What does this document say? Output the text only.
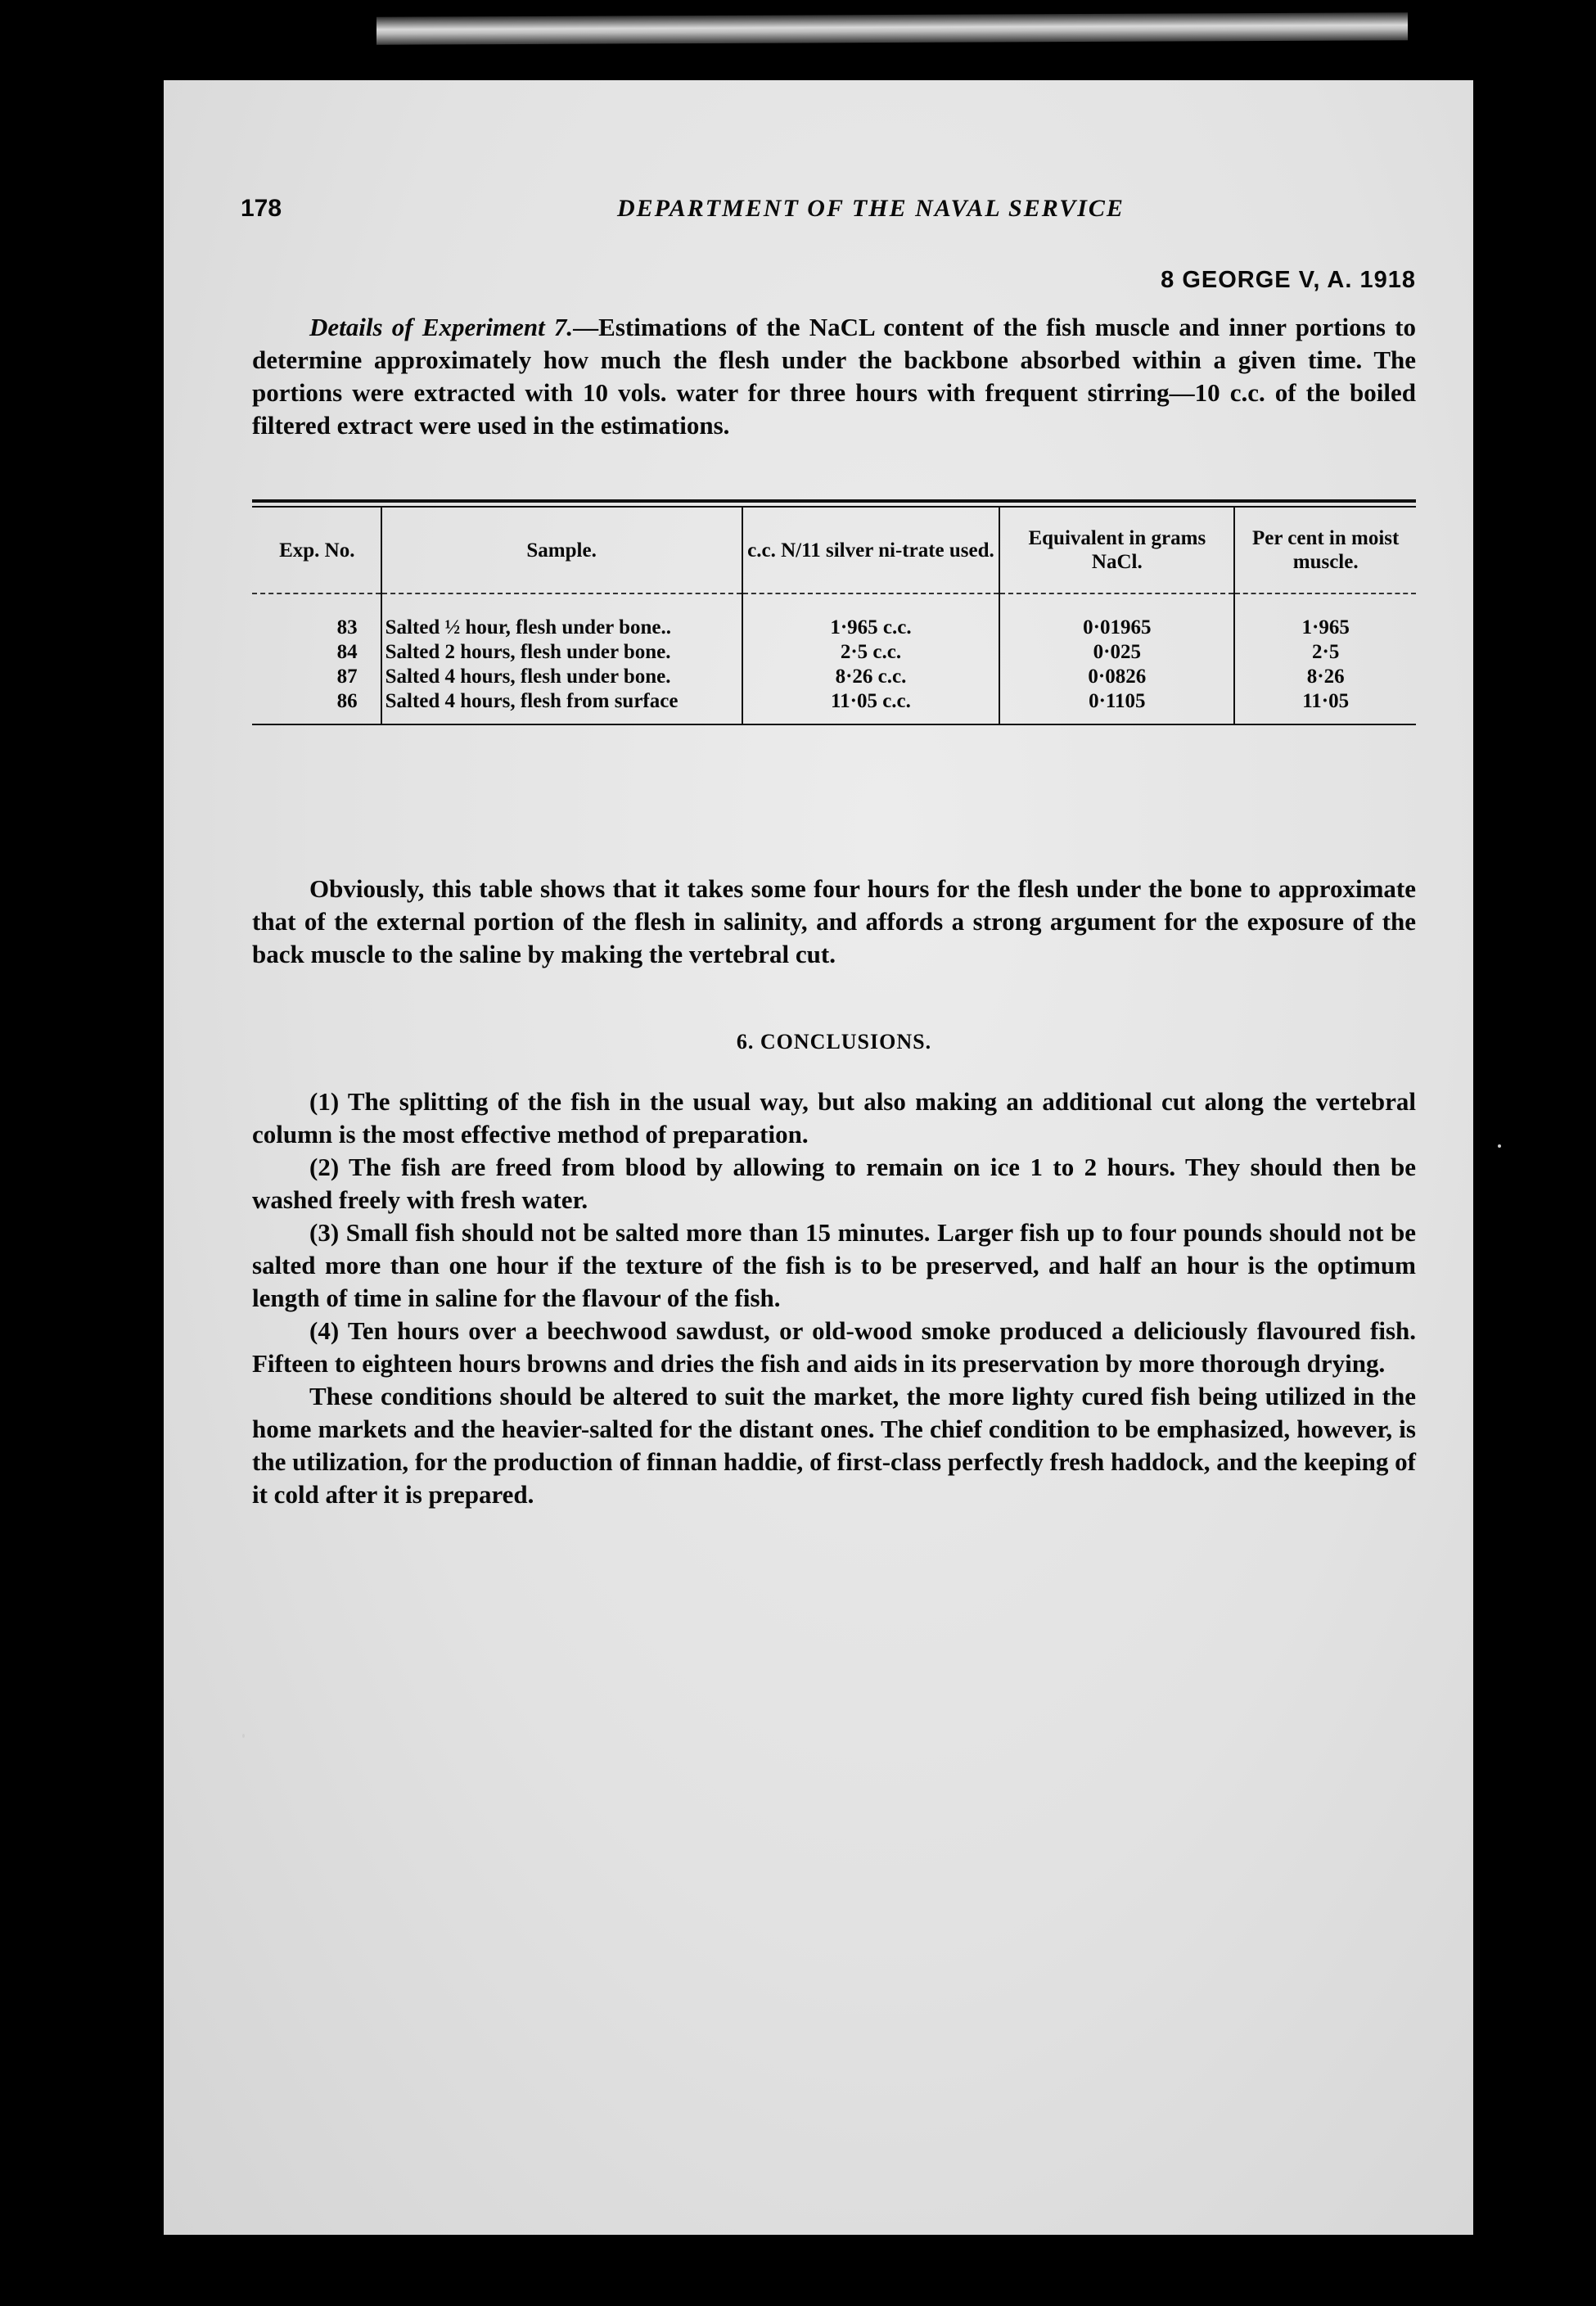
178	DEPARTMENT OF THE NAVAL SERVICE
8 GEORGE V, A. 1918
Details of Experiment 7.—Estimations of the NaCL content of the fish muscle and inner portions to determine approximately how much the flesh under the backbone absorbed within a given time. The portions were extracted with 10 vols. water for three hours with frequent stirring—10 c.c. of the boiled filtered extract were used in the estimations.
Exp. No.	Sample.	c.c. N/11 silver ni-trate used.	Equivalent in grams NaCl.	Per cent in moist muscle.
83	Salted ½ hour, flesh under bone..	1·965 c.c.	0·01965	1·965
84	Salted 2 hours, flesh under bone.	2·5 c.c.	0·025	2·5
87	Salted 4 hours, flesh under bone.	8·26 c.c.	0·0826	8·26
86	Salted 4 hours, flesh from surface	11·05 c.c.	0·1105	11·05
Obviously, this table shows that it takes some four hours for the flesh under the bone to approximate that of the external portion of the flesh in salinity, and affords a strong argument for the exposure of the back muscle to the saline by making the vertebral cut.
6. CONCLUSIONS.

(1) The splitting of the fish in the usual way, but also making an additional cut along the vertebral column is the most effective method of preparation.

(2) The fish are freed from blood by allowing to remain on ice 1 to 2 hours. They should then be washed freely with fresh water.

(3) Small fish should not be salted more than 15 minutes. Larger fish up to four pounds should not be salted more than one hour if the texture of the fish is to be preserved, and half an hour is the optimum length of time in saline for the flavour of the fish.

(4) Ten hours over a beechwood sawdust, or old-wood smoke produced a deliciously flavoured fish. Fifteen to eighteen hours browns and dries the fish and aids in its preservation by more thorough drying.

These conditions should be altered to suit the market, the more lighty cured fish being utilized in the home markets and the heavier-salted for the distant ones. The chief condition to be emphasized, however, is the utilization, for the production of finnan haddie, of first-class perfectly fresh haddock, and the keeping of it cold after it is prepared.
